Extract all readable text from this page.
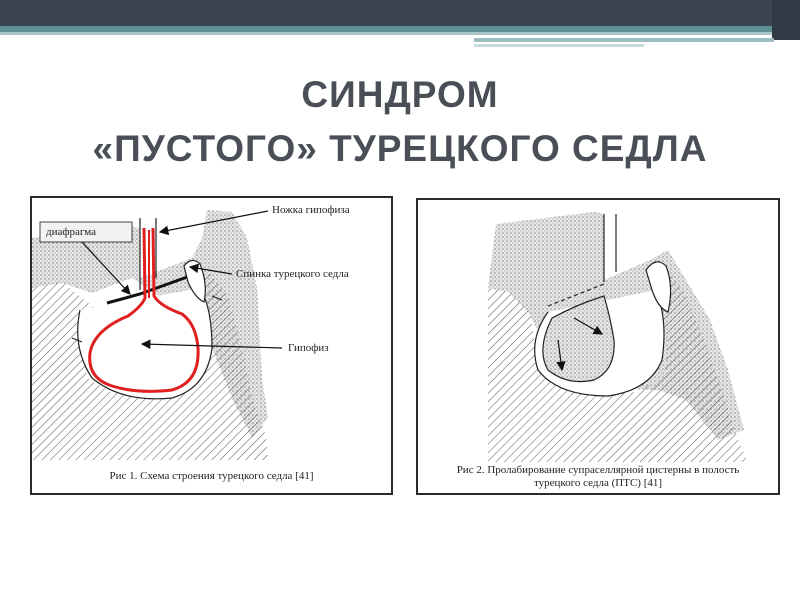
СИНДРОМ
«ПУСТОГО» ТУРЕЦКОГО СЕДЛА
диафрагма
Ножка гипофиза
Спинка турецкого седла
Гипофиз
Рис 1. Схема строения турецкого седла [41]	Рис 2. Пролабирование супраселлярной цистерны в полость
турецкого седла (ПТС) [41]
